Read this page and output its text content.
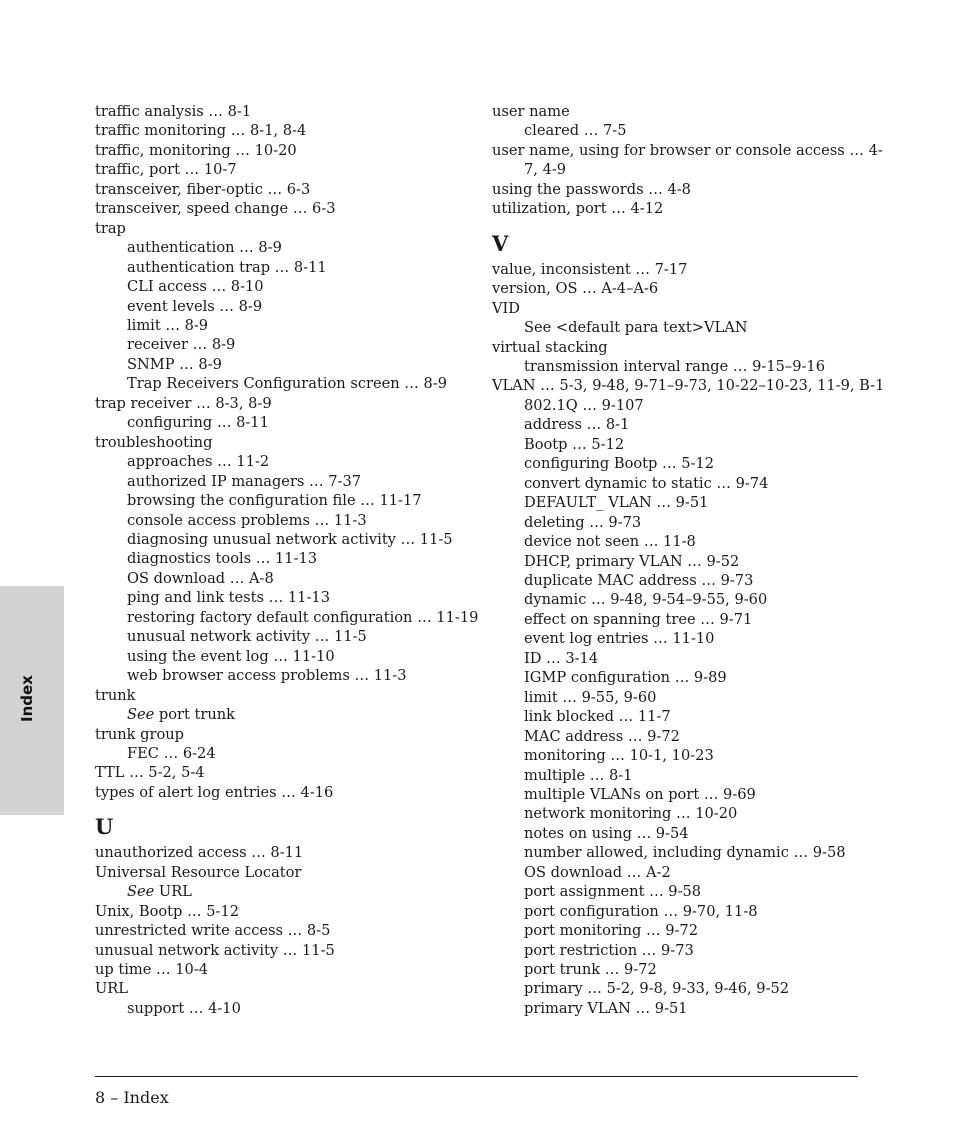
Index
traffic analysis … 8-1
traffic monitoring … 8-1, 8-4
traffic, monitoring … 10-20
traffic, port … 10-7
transceiver, fiber-optic … 6-3
transceiver, speed change … 6-3
trap
authentication … 8-9
authentication trap … 8-11
CLI access … 8-10
event levels … 8-9
limit … 8-9
receiver … 8-9
SNMP … 8-9
Trap Receivers Configuration screen … 8-9
trap receiver … 8-3, 8-9
configuring … 8-11
troubleshooting
approaches … 11-2
authorized IP managers … 7-37
browsing the configuration file … 11-17
console access problems … 11-3
diagnosing unusual network activity … 11-5
diagnostics tools … 11-13
OS download … A-8
ping and link tests … 11-13
restoring factory default configuration … 11-19
unusual network activity … 11-5
using the event log … 11-10
web browser access problems … 11-3
trunk
See port trunk
trunk group
FEC … 6-24
TTL … 5-2, 5-4
types of alert log entries … 4-16
U
unauthorized access … 8-11
Universal Resource Locator
See URL
Unix, Bootp … 5-12
unrestricted write access … 8-5
unusual network activity … 11-5
up time … 10-4
URL
support … 4-10
user name
cleared … 7-5
user name, using for browser or console access … 4-7, 4-9
using the passwords … 4-8
utilization, port … 4-12
V
value, inconsistent … 7-17
version, OS … A-4–A-6
VID
See <default para text>VLAN
virtual stacking
transmission interval range … 9-15–9-16
VLAN … 5-3, 9-48, 9-71–9-73, 10-22–10-23, 11-9, B-1
802.1Q … 9-107
address … 8-1
Bootp … 5-12
configuring Bootp … 5-12
convert dynamic to static … 9-74
DEFAULT_ VLAN … 9-51
deleting … 9-73
device not seen … 11-8
DHCP, primary VLAN … 9-52
duplicate MAC address … 9-73
dynamic … 9-48, 9-54–9-55, 9-60
effect on spanning tree … 9-71
event log entries … 11-10
ID … 3-14
IGMP configuration … 9-89
limit … 9-55, 9-60
link blocked … 11-7
MAC address … 9-72
monitoring … 10-1, 10-23
multiple … 8-1
multiple VLANs on port … 9-69
network monitoring … 10-20
notes on using … 9-54
number allowed, including dynamic … 9-58
OS download … A-2
port assignment … 9-58
port configuration … 9-70, 11-8
port monitoring … 9-72
port restriction … 9-73
port trunk … 9-72
primary … 5-2, 9-8, 9-33, 9-46, 9-52
primary VLAN … 9-51
8 – Index
